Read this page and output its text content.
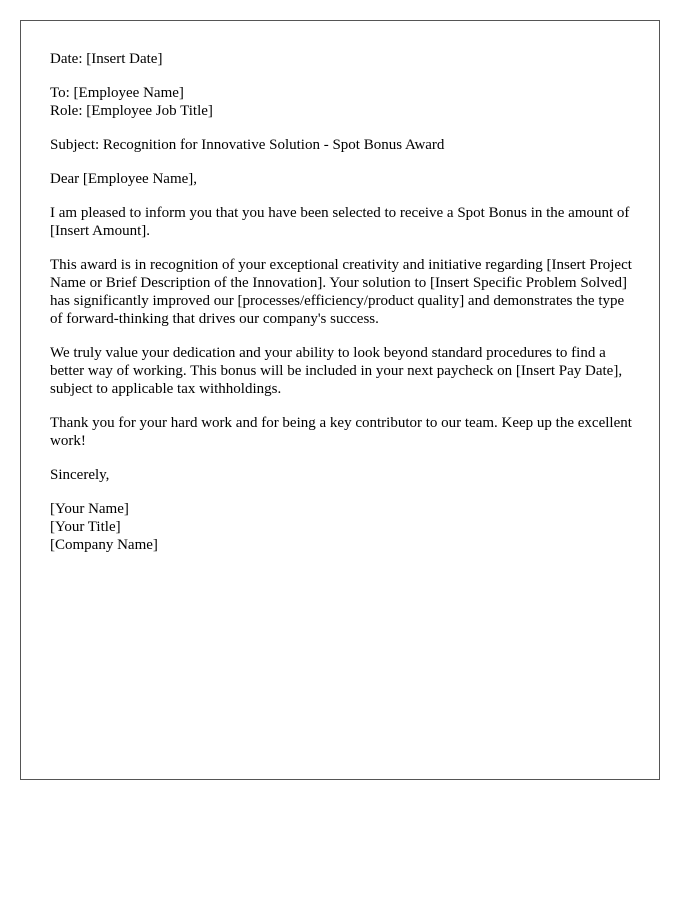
Date: [Insert Date]

To: [Employee Name]
Role: [Employee Job Title]

Subject: Recognition for Innovative Solution - Spot Bonus Award

Dear [Employee Name],

I am pleased to inform you that you have been selected to receive a Spot Bonus in the amount of [Insert Amount].

This award is in recognition of your exceptional creativity and initiative regarding [Insert Project Name or Brief Description of the Innovation]. Your solution to [Insert Specific Problem Solved] has significantly improved our [processes/efficiency/product quality] and demonstrates the type of forward-thinking that drives our company's success.

We truly value your dedication and your ability to look beyond standard procedures to find a better way of working. This bonus will be included in your next paycheck on [Insert Pay Date], subject to applicable tax withholdings.

Thank you for your hard work and for being a key contributor to our team. Keep up the excellent work!

Sincerely,

[Your Name]
[Your Title]
[Company Name]
